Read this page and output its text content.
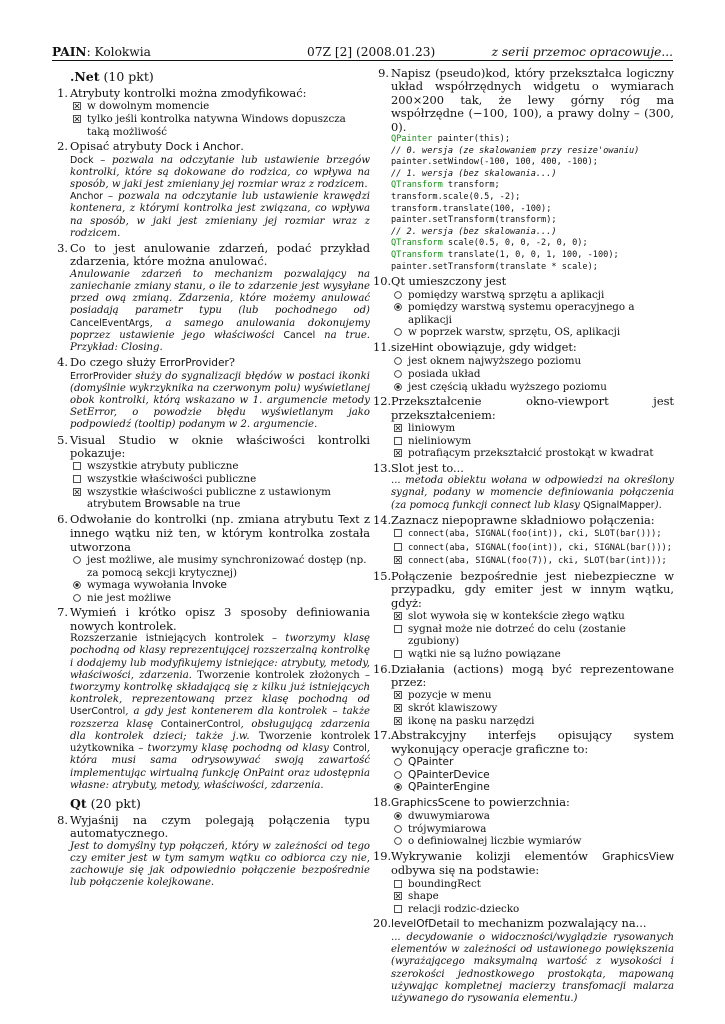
PAIN: Kolokwia	07Z [2] (2008.01.23)	z serii przemoc opracowuje...
.Net (10 pkt)
1. Atrybuty kontrolki można zmodyfikować:
w dowolnym momencie
tylko jeśli kontrolka natywna Windows dopuszcza taką możliwość
2. Opisać atrybuty Dock i Anchor.
Dock – pozwala na odczytanie lub ustawienie brzegów kontrolki, które są dokowane do rodzica, co wpływa na sposób, w jaki jest zmieniany jej rozmiar wraz z rodzicem.
Anchor – pozwala na odczytanie lub ustawienie krawędzi kontenera, z którymi kontrolka jest związana, co wpływa na sposób, w jaki jest zmieniany jej rozmiar wraz z rodzicem.
3. Co to jest anulowanie zdarzeń, podać przykład zdarzenia, które można anulować.
Anulowanie zdarzeń to mechanizm pozwalający na zaniechanie zmiany stanu, o ile to zdarzenie jest wysyłane przed ową zmianą. Zdarzenia, które możemy anulować posiadają parametr typu (lub pochodnego od) CancelEventArgs, a samego anulowania dokonujemy poprzez ustawienie jego właściwości Cancel na true. Przykład: Closing.
4. Do czego służy ErrorProvider?
ErrorProvider służy do sygnalizacji błędów w postaci ikonki (domyślnie wykrzyknika na czerwonym polu) wyświetlanej obok kontrolki, którą wskazano w 1. argumencie metody SetError, o powodzie błędu wyświetlanym jako podpowiedź (tooltip) podanym w 2. argumencie.
5. Visual Studio w oknie właściwości kontrolki pokazuje:
wszystkie atrybuty publiczne
wszystkie właściwości publiczne
wszystkie właściwości publiczne z ustawionym atrybutem Browsable na true
6. Odwołanie do kontrolki (np. zmiana atrybutu Text z innego wątku niż ten, w którym kontrolka została utworzona
jest możliwe, ale musimy synchronizować dostęp (np. za pomocą sekcji krytycznej)
wymaga wywołania Invoke
nie jest możliwe
7. Wymień i krótko opisz 3 sposoby definiowania nowych kontrolek.
Rozszerzanie istniejących kontrolek – tworzymy klasę pochodną od klasy reprezentującej rozszerzalną kontrolkę i dodajemy lub modyfikujemy istniejące: atrybuty, metody, właściwości, zdarzenia. Tworzenie kontrolek złożonych – tworzymy kontrolkę składającą się z kilku już istniejących kontrolek, reprezentowaną przez klasę pochodną od UserControl, a gdy jest kontenerem dla kontrolek – także rozszerza klasę ContainerControl, obsługującą zdarzenia dla kontrolek dzieci; także j.w. Tworzenie kontrolek użytkownika – tworzymy klasę pochodną od klasy Control, która musi sama odrysowywać swoją zawartość implementując wirtualną funkcję OnPaint oraz udostępnia własne: atrybuty, metody, właściwości, zdarzenia.
Qt (20 pkt)
8. Wyjaśnij na czym polegają połączenia typu automatycznego.
Jest to domyślny typ połączeń, który w zależności od tego czy emiter jest w tym samym wątku co odbiorca czy nie, zachowuje się jak odpowiednio połączenie bezpośrednie lub połączenie kolejkowane.
9. Napisz (pseudo)kod, który przekształca logiczny układ współrzędnych widgetu o wymiarach 200×200 tak, że lewy górny róg ma współrzędne (−100, 100), a prawy dolny – (300, 0).
QPainter painter(this);
// 0. wersja (ze skalowaniem przy resize'owaniu)
painter.setWindow(-100, 100, 400, -100);
// 1. wersja (bez skalowania...)
QTransform transform;
transform.scale(0.5, -2);
transform.translate(100, -100);
painter.setTransform(transform);
// 2. wersja (bez skalowania...)
QTransform scale(0.5, 0, 0, -2, 0, 0);
QTransform translate(1, 0, 0, 1, 100, -100);
painter.setTransform(translate * scale);
10. Qt umieszczony jest
pomiędzy warstwą sprzętu a aplikacji
pomiędzy warstwą systemu operacyjnego a aplikacji
w poprzek warstw, sprzętu, OS, aplikacji
11. sizeHint obowiązuje, gdy widget:
jest oknem najwyższego poziomu
posiada układ
jest częścią układu wyższego poziomu
12. Przekształcenie okno-viewport jest przekształceniem:
liniowym
nieliniowym
potrafiącym przekształcić prostokąt w kwadrat
13. Slot jest to...
... metoda obiektu wołana w odpowiedzi na określony sygnał, podany w momencie definiowania połączenia (za pomocą funkcji connect lub klasy QSignalMapper).
14. Zaznacz niepoprawne składniowo połączenia:
connect(aba, SIGNAL(foo(int)), cki, SLOT(bar()));
connect(aba, SIGNAL(foo(int)), cki, SIGNAL(bar()));
connect(aba, SIGNAL(foo(7)), cki, SLOT(bar(int)));
15. Połączenie bezpośrednie jest niebezpieczne w przypadku, gdy emiter jest w innym wątku, gdyż:
slot wywoła się w kontekście złego wątku
sygnał może nie dotrzeć do celu (zostanie zgubiony)
wątki nie są luźno powiązane
16. Działania (actions) mogą być reprezentowane przez:
pozycje w menu
skrót klawiszowy
ikonę na pasku narzędzi
17. Abstrakcyjny interfejs opisujący system wykonujący operacje graficzne to:
QPainter
QPainterDevice
QPainterEngine
18. GraphicsScene to powierzchnia:
dwuwymiarowa
trójwymiarowa
o definiowalnej liczbie wymiarów
19. Wykrywanie kolizji elementów GraphicsView odbywa się na podstawie:
boundingRect
shape
relacji rodzic-dziecko
20. levelOfDetail to mechanizm pozwalający na...
... decydowanie o widoczności/wyglądzie rysowanych elementów w zależności od ustawionego powiększenia (wyrażającego maksymalną wartość z wysokości i szerokości jednostkowego prostokąta, mapowaną używając kompletnej macierzy transfomacji malarza używanego do rysowania elementu.)
